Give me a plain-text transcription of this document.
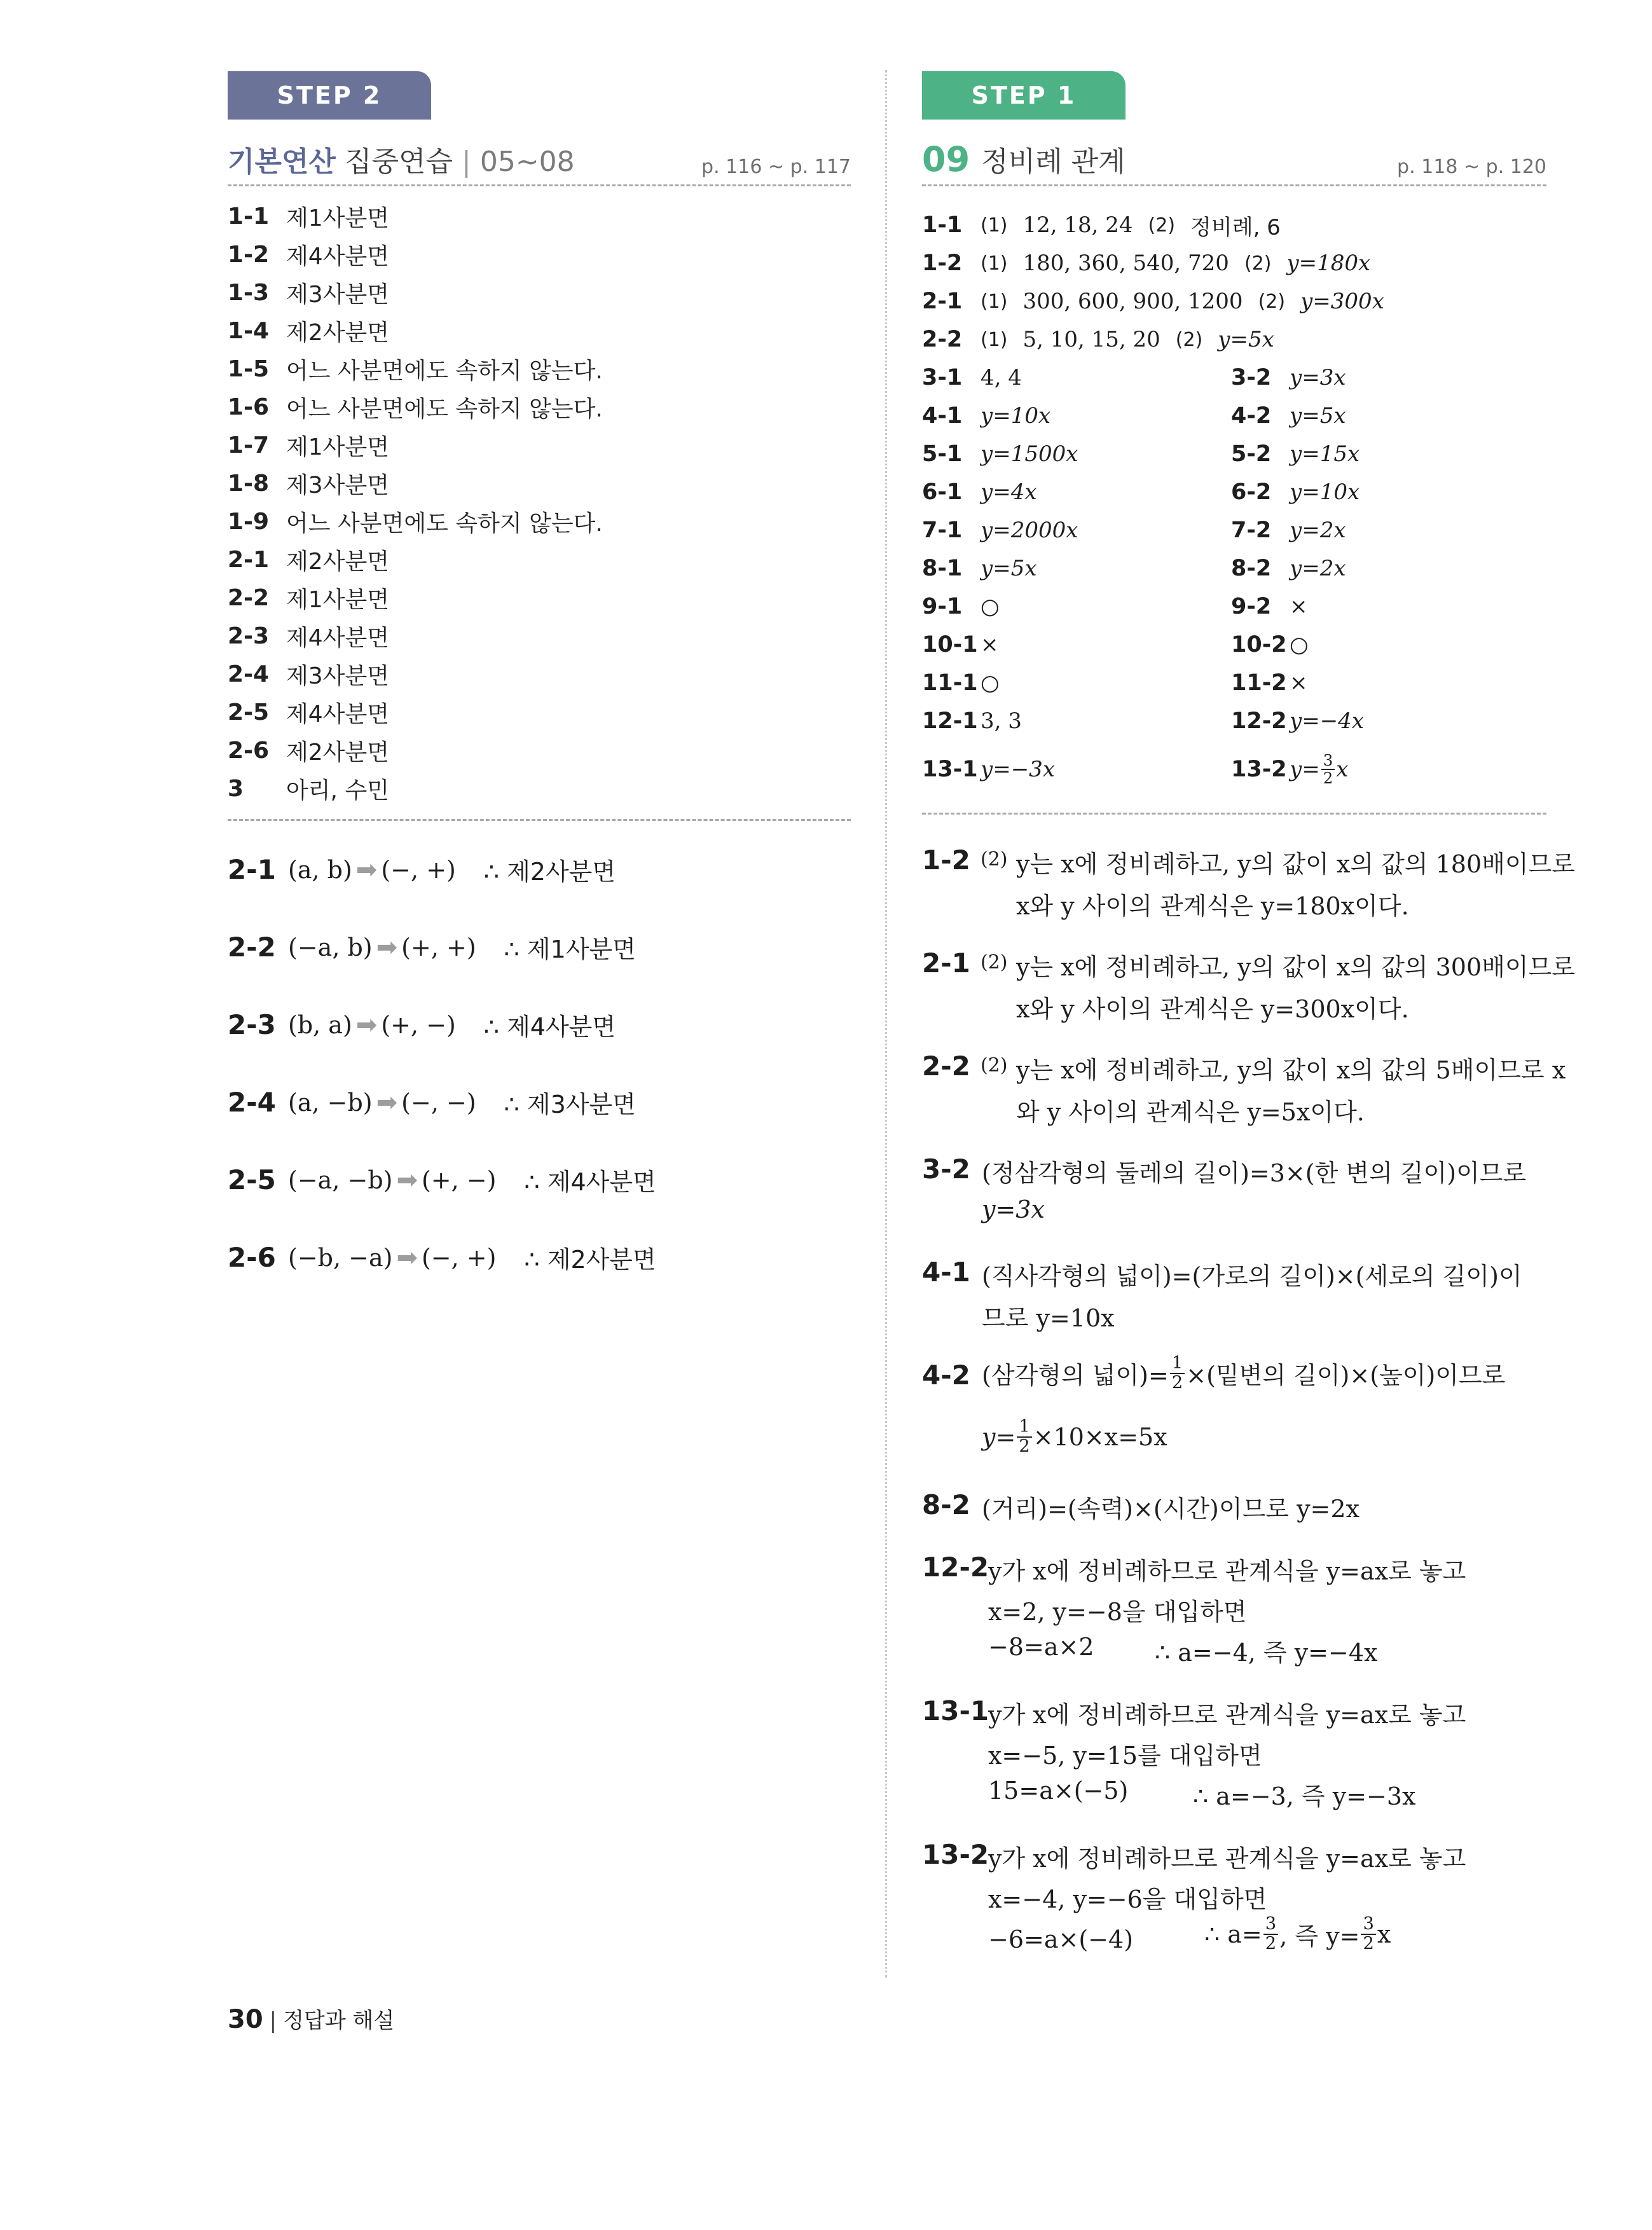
STEP 2
기본연산 집중연습 | 05~08	p. 116 ~ p. 117
1-1 제1사분면
1-2 제4사분면
1-3 제3사분면
1-4 제2사분면
1-5 어느 사분면에도 속하지 않는다.
1-6 어느 사분면에도 속하지 않는다.
1-7 제1사분면
1-8 제3사분면
1-9 어느 사분면에도 속하지 않는다.
2-1 제2사분면
2-2 제1사분면
2-3 제4사분면
2-4 제3사분면
2-5 제4사분면
2-6 제2사분면
3	아리, 수민
2-1 (a, b) ➡ (−, +) ∴ 제2사분면
2-2 (−a, b) ➡ (+, +) ∴ 제1사분면
2-3 (b, a) ➡ (+, −) ∴ 제4사분면
2-4 (a, −b) ➡ (−, −) ∴ 제3사분면
2-5 (−a, −b) ➡ (+, −) ∴ 제4사분면
2-6 (−b, −a) ➡ (−, +) ∴ 제2사분면
STEP 1
09 정비례 관계	p. 118 ~ p. 120
1-1 (1) 12, 18, 24 (2) 정비례, 6
1-2 (1) 180, 360, 540, 720 (2) y=180x
2-1 (1) 300, 600, 900, 1200 (2) y=300x
2-2 (1) 5, 10, 15, 20 (2) y=5x
3-1 4, 4	3-2 y=3x
4-1 y=10x	4-2 y=5x
5-1 y=1500x	5-2 y=15x
6-1 y=4x	6-2 y=10x
7-1 y=2000x	7-2 y=2x
8-1 y=5x	8-2 y=2x
9-1 ○	9-2 ×
10-1 ×	10-2 ○
11-1 ○	11-2 ×
12-1 3, 3	12-2 y=−4x
13-1 y=−3x	13-2 $y= \frac{3}{2}$ x
1-2 (2) y는 x에 정비례하고, y의 값이 x의 값의 180배이므로
x와 y 사이의 관계식은 y=180x이다.
2-1 (2) y는 x에 정비례하고, y의 값이 x의 값의 300배이므로
x와 y 사이의 관계식은 y=300x이다.
2-2 (2) y는 x에 정비례하고, y의 값이 x의 값의 5배이므로 x
와 y 사이의 관계식은 y=5x이다.
3-2 (정삼각형의 둘레의 길이)=3×(한 변의 길이)이므로
y=3x
4-1 (직사각형의 넓이)=(가로의 길이)×(세로의 길이)이
므로 y=10x
4-2 (삼각형의 넓이)= $\frac{1}{2}$ ×(밑변의 길이)×(높이)이므로
$y= \frac{1}{2} \times 10\times x=5x$
8-2 (거리)=(속력)×(시간)이므로 y=2x
12-2
y가 x에 정비례하므로 관계식을 y=ax로 놓고
x=2, y=−8을 대입하면
−8=a×2	∴ a=−4, 즉 y=−4x
13-1
y가 x에 정비례하므로 관계식을 y=ax로 놓고
x=−5, y=15를 대입하면
15=a×(−5)	∴ a=−3, 즉 y=−3x
13-2
y가 x에 정비례하므로 관계식을 y=ax로 놓고
x=−4, y=−6을 대입하면
−6=a×(−4)	∴ $a= \frac{3}{2}$ , 즉 $y= \frac{3}{2}$ x
30 | 정답과 해설
